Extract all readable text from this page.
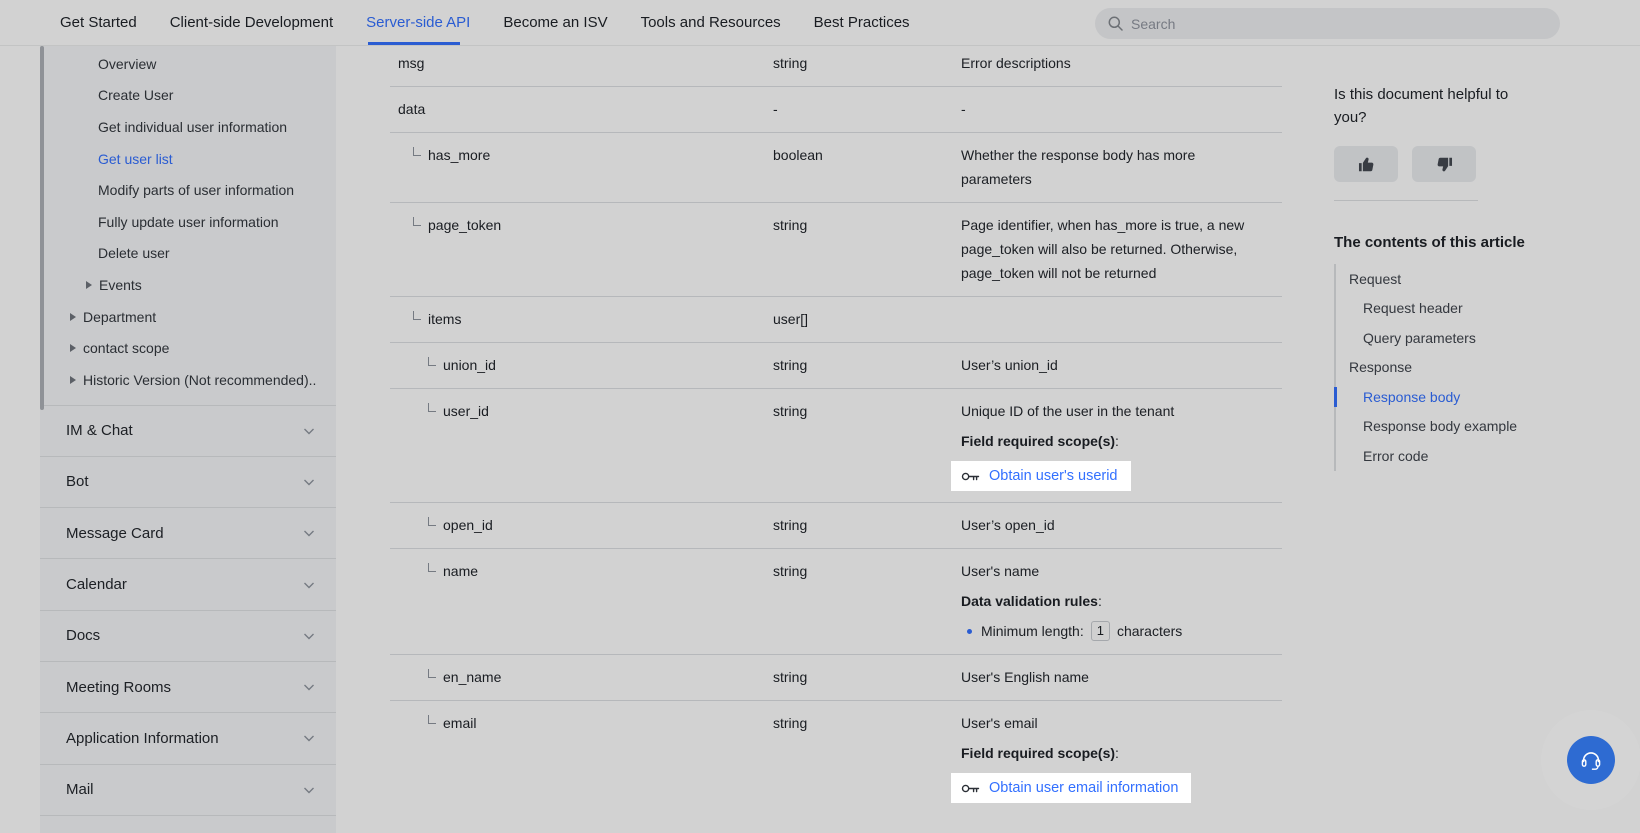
Get Started Client-side Development Server-side API Become an ISV Tools and Resources Best Practices
Search
Overview
Create User
Get individual user information
Get user list
Modify parts of user information
Fully update user information
Delete user
Events
Department
contact scope
Historic Version (Not recommended)..
IM & Chat
Bot
Message Card
Calendar
Docs
Meeting Rooms
Application Information
Mail
msg	string	Error descriptions

data	-	-

has_more	boolean	Whether the response body has more parameters

page_token	string	Page identifier, when has_more is true, a new page_token will also be returned. Otherwise, page_token will not be returned

items	user[]
union_id	string	User’s union_id

user_id	string	Unique ID of the user in the tenant

Field required scope(s):

Obtain user's userid
open_id	string	User’s open_id

name	string	User's name

Data validation rules:

Minimum length:	1 characters
en_name	string	User's English name

email	string	User's email

Field required scope(s):

Obtain user email information
Is this document helpful to you?
The contents of this article
Request
Request header
Query parameters
Response
Response body
Response body example
Error code
